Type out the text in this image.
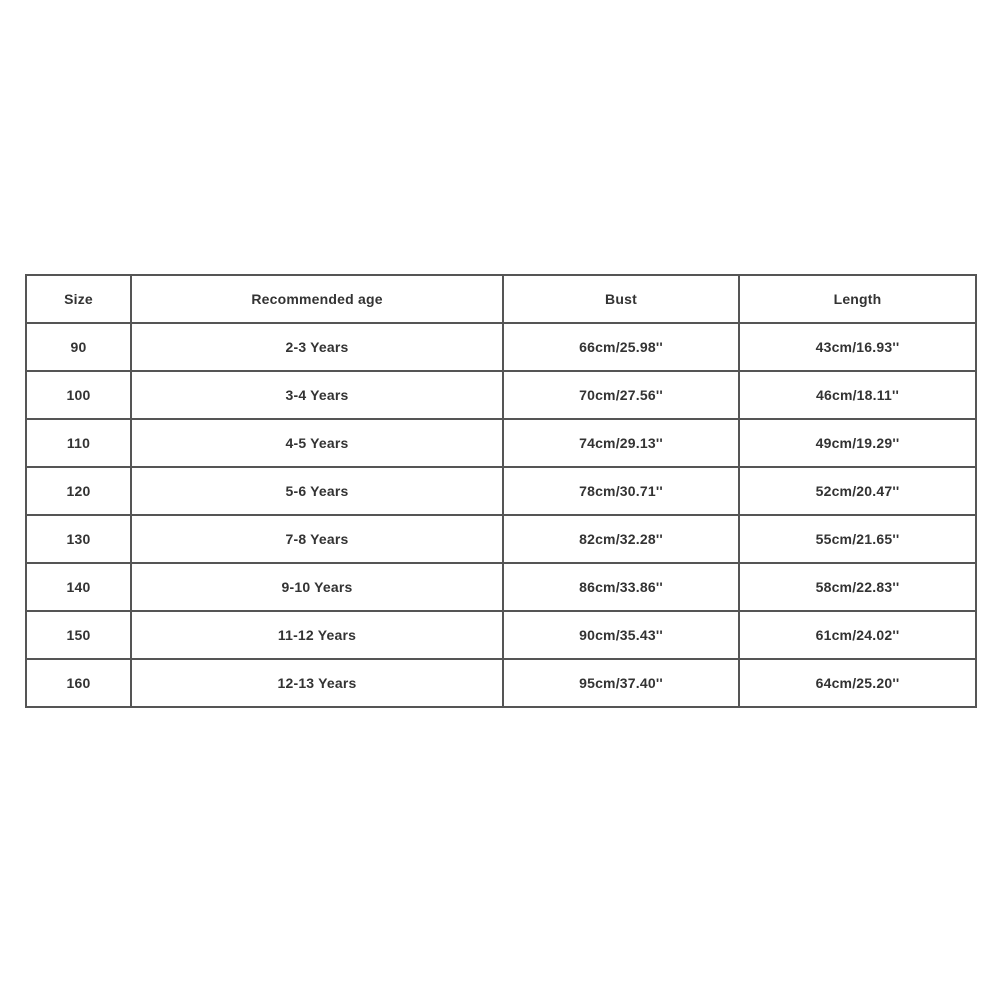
Size	Recommended age	Bust	Length
90	2-3 Years	66cm/25.98''	43cm/16.93''
100	3-4 Years	70cm/27.56''	46cm/18.11''
110	4-5 Years	74cm/29.13''	49cm/19.29''
120	5-6 Years	78cm/30.71''	52cm/20.47''
130	7-8 Years	82cm/32.28''	55cm/21.65''
140	9-10 Years	86cm/33.86''	58cm/22.83''
150	11-12 Years	90cm/35.43''	61cm/24.02''
160	12-13 Years	95cm/37.40''	64cm/25.20''
